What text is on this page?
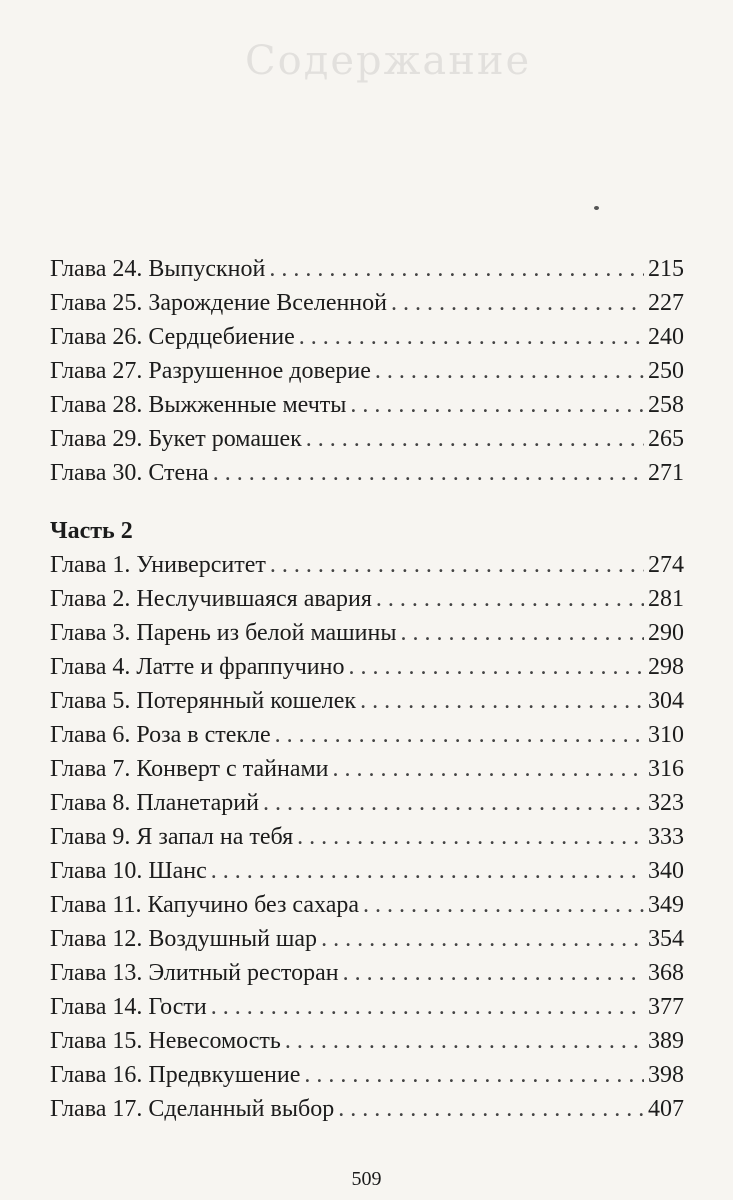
Содержание
Глава 24. Выпускной . . .	215
Глава 25. Зарождение Вселенной . . .	227
Глава 26. Сердцебиение . . .	240
Глава 27. Разрушенное доверие . . .	250
Глава 28. Выжженные мечты . . .	258
Глава 29. Букет ромашек . . .	265
Глава 30. Стена . . .	271
Часть 2
Глава 1. Университет . . .	274
Глава 2. Неслучившаяся авария . . .	281
Глава 3. Парень из белой машины . . .	290
Глава 4. Латте и фраппучино . . .	298
Глава 5. Потерянный кошелек . . .	304
Глава 6. Роза в стекле . . .	310
Глава 7. Конверт с тайнами . . .	316
Глава 8. Планетарий . . .	323
Глава 9. Я запал на тебя . . .	333
Глава 10. Шанс . . .	340
Глава 11. Капучино без сахара . . .	349
Глава 12. Воздушный шар . . .	354
Глава 13. Элитный ресторан . . .	368
Глава 14. Гости . . .	377
Глава 15. Невесомость . . .	389
Глава 16. Предвкушение . . .	398
Глава 17. Сделанный выбор . . .	407
509
